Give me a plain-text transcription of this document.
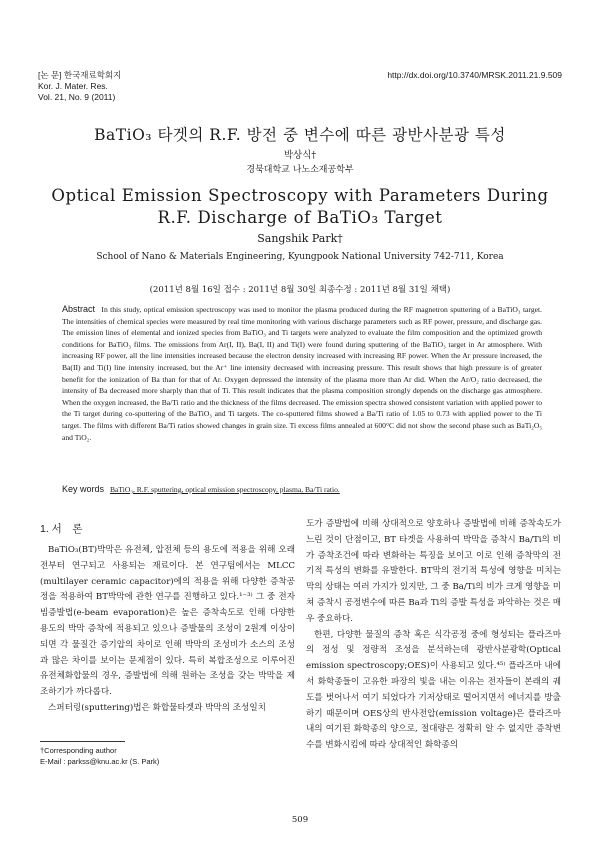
[논 문] 한국재료학회지
Kor. J. Mater. Res.
Vol. 21, No. 9 (2011)
http://dx.doi.org/10.3740/MRSK.2011.21.9.509
BaTiO₃ 타겟의 R.F. 방전 중 변수에 따른 광반사분광 특성
박상식†
경북대학교 나노소재공학부
Optical Emission Spectroscopy with Parameters During R.F. Discharge of BaTiO₃ Target
Sangshik Park†
School of Nano & Materials Engineering, Kyungpook National University 742-711, Korea
(2011년 8월 16일 접수 : 2011년 8월 30일 최종수정 : 2011년 8월 31일 채택)
Abstract In this study, optical emission spectroscopy was used to monitor the plasma produced during the RF magnetron sputtering of a BaTiO₃ target. The intensities of chemical species were measured by real time monitoring with various discharge parameters such as RF power, pressure, and discharge gas. The emission lines of elemental and ionized species from BaTiO₃ and Ti targets were analyzed to evaluate the film composition and the optimized growth conditions for BaTiO₃ films. The emissions from Ar(I, II), Ba(I, II) and Ti(I) were found during sputtering of the BaTiO₃ target in Ar atmosphere. With increasing RF power, all the line intensities increased because the electron density increased with increasing RF power. When the Ar pressure increased, the Ba(II) and Ti(I) line intensity increased, but the Ar⁺ line intensity decreased with increasing pressure. This result shows that high pressure is of greater benefit for the ionization of Ba than for that of Ar. Oxygen depressed the intensity of the plasma more than Ar did. When the Ar/O₂ ratio decreased, the intensity of Ba decreased more sharply than that of Ti. This result indicates that the plasma composition strongly depends on the discharge gas atmosphere. When the oxygen increased, the Ba/Ti ratio and the thickness of the films decreased. The emission spectra showed consistent variation with applied power to the Ti target during co-sputtering of the BaTiO₃ and Ti targets. The co-sputtered films showed a Ba/Ti ratio of 1.05 to 0.73 with applied power to the Ti target. The films with different Ba/Ti ratios showed changes in grain size. Ti excess films annealed at 600°C did not show the second phase such as BaTi₂O₅ and TiO₂.
Key words BaTiO₃, R.F. sputtering, optical emission spectroscopy, plasma, Ba/Ti ratio.
1. 서　론

BaTiO₃(BT)박막은 유전체, 압전체 등의 용도에 적용을 위해 오래 전부터 연구되고 사용되는 재료이다. 본 연구팀에서는 MLCC (multilayer ceramic capacitor)에의 적용을 위해 다양한 증착공정을 적용하여 BT박막에 관한 연구를 진행하고 있다.¹⁻³⁾ 그 중 전자빔증발법(e-beam evaporation)은 높은 증착속도로 인해 다양한 용도의 박막 증착에 적용되고 있으나 증발물의 조성이 2원계 이상이 되면 각 물질간 증기압의 차이로 인해 박막의 조성비가 소스의 조성과 많은 차이를 보이는 문제점이 있다. 특히 복합조성으로 이루어진 유전체화합물의 경우, 증발법에 의해 원하는 조성을 갖는 박막을 제조하기가 까다롭다.

스퍼터링(sputtering)법은 화합물타겟과 박막의 조성일치

도가 증발법에 비해 상대적으로 양호하나 증발법에 비해 증착속도가 느린 것이 단점이고, BT 타겟을 사용하여 박막을 증착시 Ba/Ti의 비가 증착조건에 따라 변화하는 특징을 보이고 이로 인해 증착막의 전기적 특성의 변화를 유발한다. BT막의 전기적 특성에 영향을 미치는 막의 상태는 여러 가지가 있지만, 그 중 Ba/Ti의 비가 크게 영향을 미쳐 증착시 공정변수에 따른 Ba과 Ti의 증발 특성을 파악하는 것은 매우 중요하다.

한편, 다양한 물질의 증착 혹은 식각공정 중에 형성되는 플라즈마의 정성 및 정량적 조성을 분석하는데 광반사분광학(Optical emission spectroscopy;OES)이 사용되고 있다.⁴⁵⁾ 플라즈마 내에서 화학종들이 고유한 파장의 빛을 내는 이유는 전자들이 본래의 궤도를 벗어나서 여기 되었다가 기저상태로 떨어지면서 에너지를 방출하기 때문이며 OES상의 반사전압(emission voltage)은 플라즈마 내의 여기된 화학종의 양으로, 절대량은 정확히 알 수 없지만 증착변수를 변화시킴에 따라 상대적인 화학종의

†Corresponding author
E-Mail : parkss@knu.ac.kr (S. Park)
509
